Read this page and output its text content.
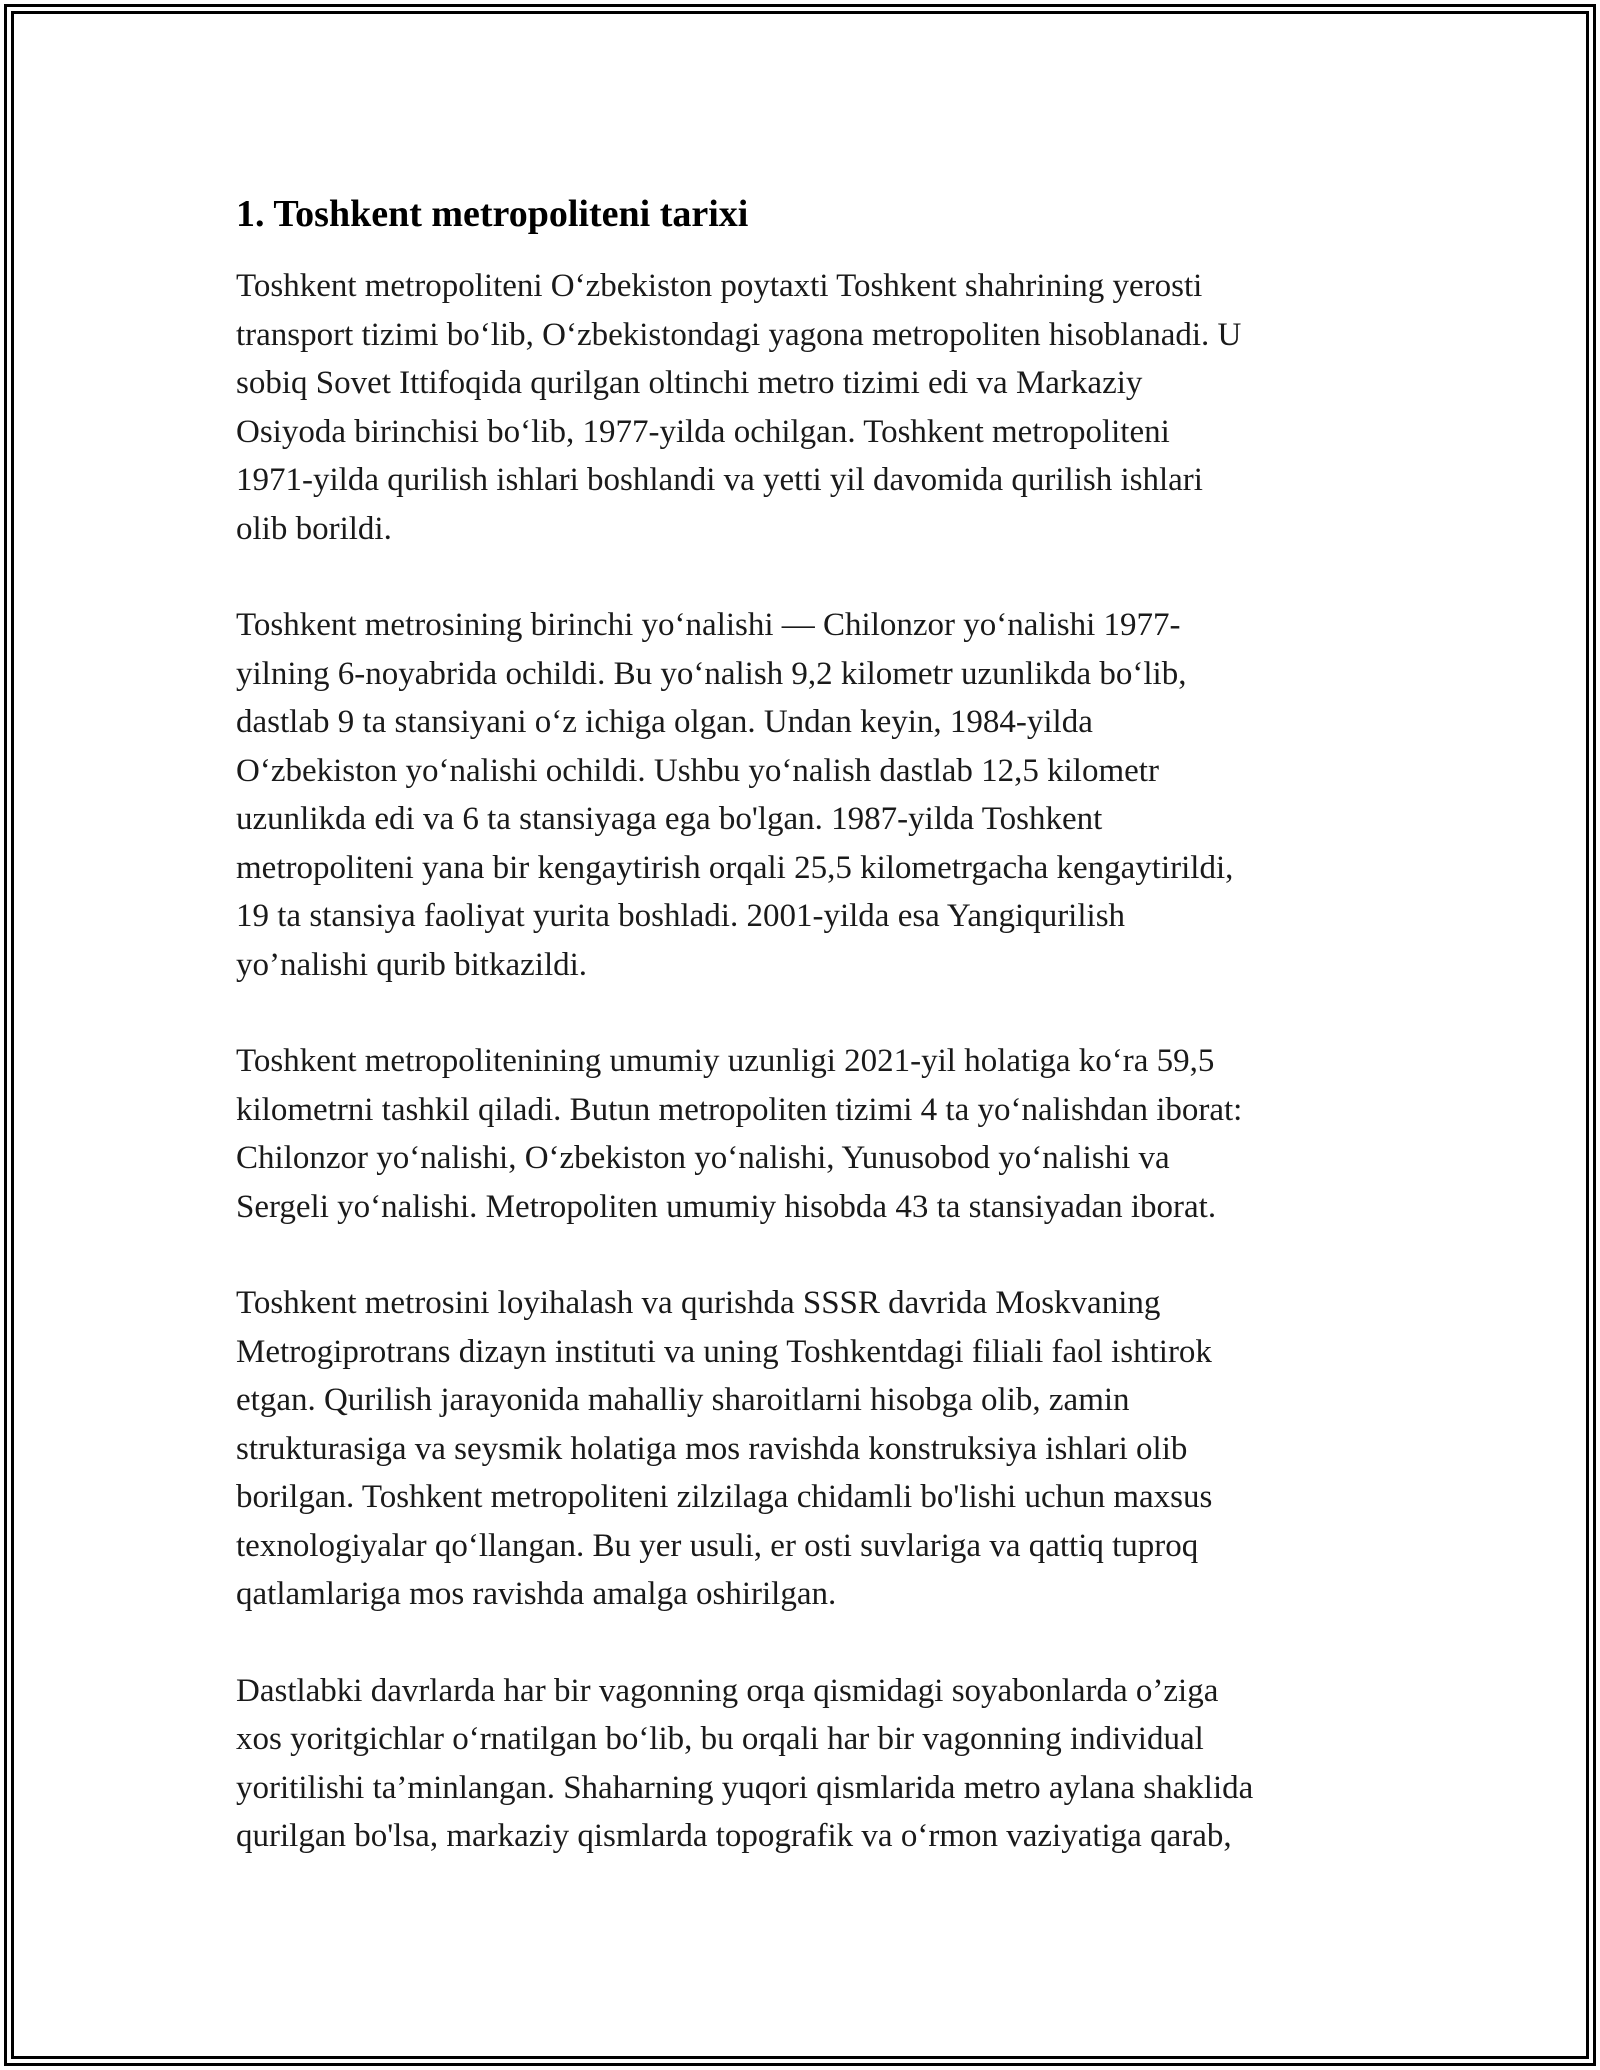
1. Toshkent metropoliteni tarixi

Toshkent metropoliteni O‘zbekiston poytaxti Toshkent shahrining yerosti
transport tizimi bo‘lib, O‘zbekistondagi yagona metropoliten hisoblanadi. U
sobiq Sovet Ittifoqida qurilgan oltinchi metro tizimi edi va Markaziy
Osiyoda birinchisi bo‘lib, 1977-yilda ochilgan. Toshkent metropoliteni
1971-yilda qurilish ishlari boshlandi va yetti yil davomida qurilish ishlari
olib borildi.

Toshkent metrosining birinchi yo‘nalishi — Chilonzor yo‘nalishi 1977-
yilning 6-noyabrida ochildi. Bu yo‘nalish 9,2 kilometr uzunlikda bo‘lib,
dastlab 9 ta stansiyani o‘z ichiga olgan. Undan keyin, 1984-yilda
O‘zbekiston yo‘nalishi ochildi. Ushbu yo‘nalish dastlab 12,5 kilometr
uzunlikda edi va 6 ta stansiyaga ega bo'lgan. 1987-yilda Toshkent
metropoliteni yana bir kengaytirish orqali 25,5 kilometrgacha kengaytirildi,
19 ta stansiya faoliyat yurita boshladi. 2001-yilda esa Yangiqurilish
yo’nalishi qurib bitkazildi.

Toshkent metropolitenining umumiy uzunligi 2021-yil holatiga ko‘ra 59,5
kilometrni tashkil qiladi. Butun metropoliten tizimi 4 ta yo‘nalishdan iborat:
Chilonzor yo‘nalishi, O‘zbekiston yo‘nalishi, Yunusobod yo‘nalishi va
Sergeli yo‘nalishi. Metropoliten umumiy hisobda 43 ta stansiyadan iborat.

Toshkent metrosini loyihalash va qurishda SSSR davrida Moskvaning
Metrogiprotrans dizayn instituti va uning Toshkentdagi filiali faol ishtirok
etgan. Qurilish jarayonida mahalliy sharoitlarni hisobga olib, zamin
strukturasiga va seysmik holatiga mos ravishda konstruksiya ishlari olib
borilgan. Toshkent metropoliteni zilzilaga chidamli bo'lishi uchun maxsus
texnologiyalar qo‘llangan. Bu yer usuli, er osti suvlariga va qattiq tuproq
qatlamlariga mos ravishda amalga oshirilgan.

Dastlabki davrlarda har bir vagonning orqa qismidagi soyabonlarda o’ziga
xos yoritgichlar o‘rnatilgan bo‘lib, bu orqali har bir vagonning individual
yoritilishi ta’minlangan. Shaharning yuqori qismlarida metro aylana shaklida
qurilgan bo'lsa, markaziy qismlarda topografik va o‘rmon vaziyatiga qarab,
